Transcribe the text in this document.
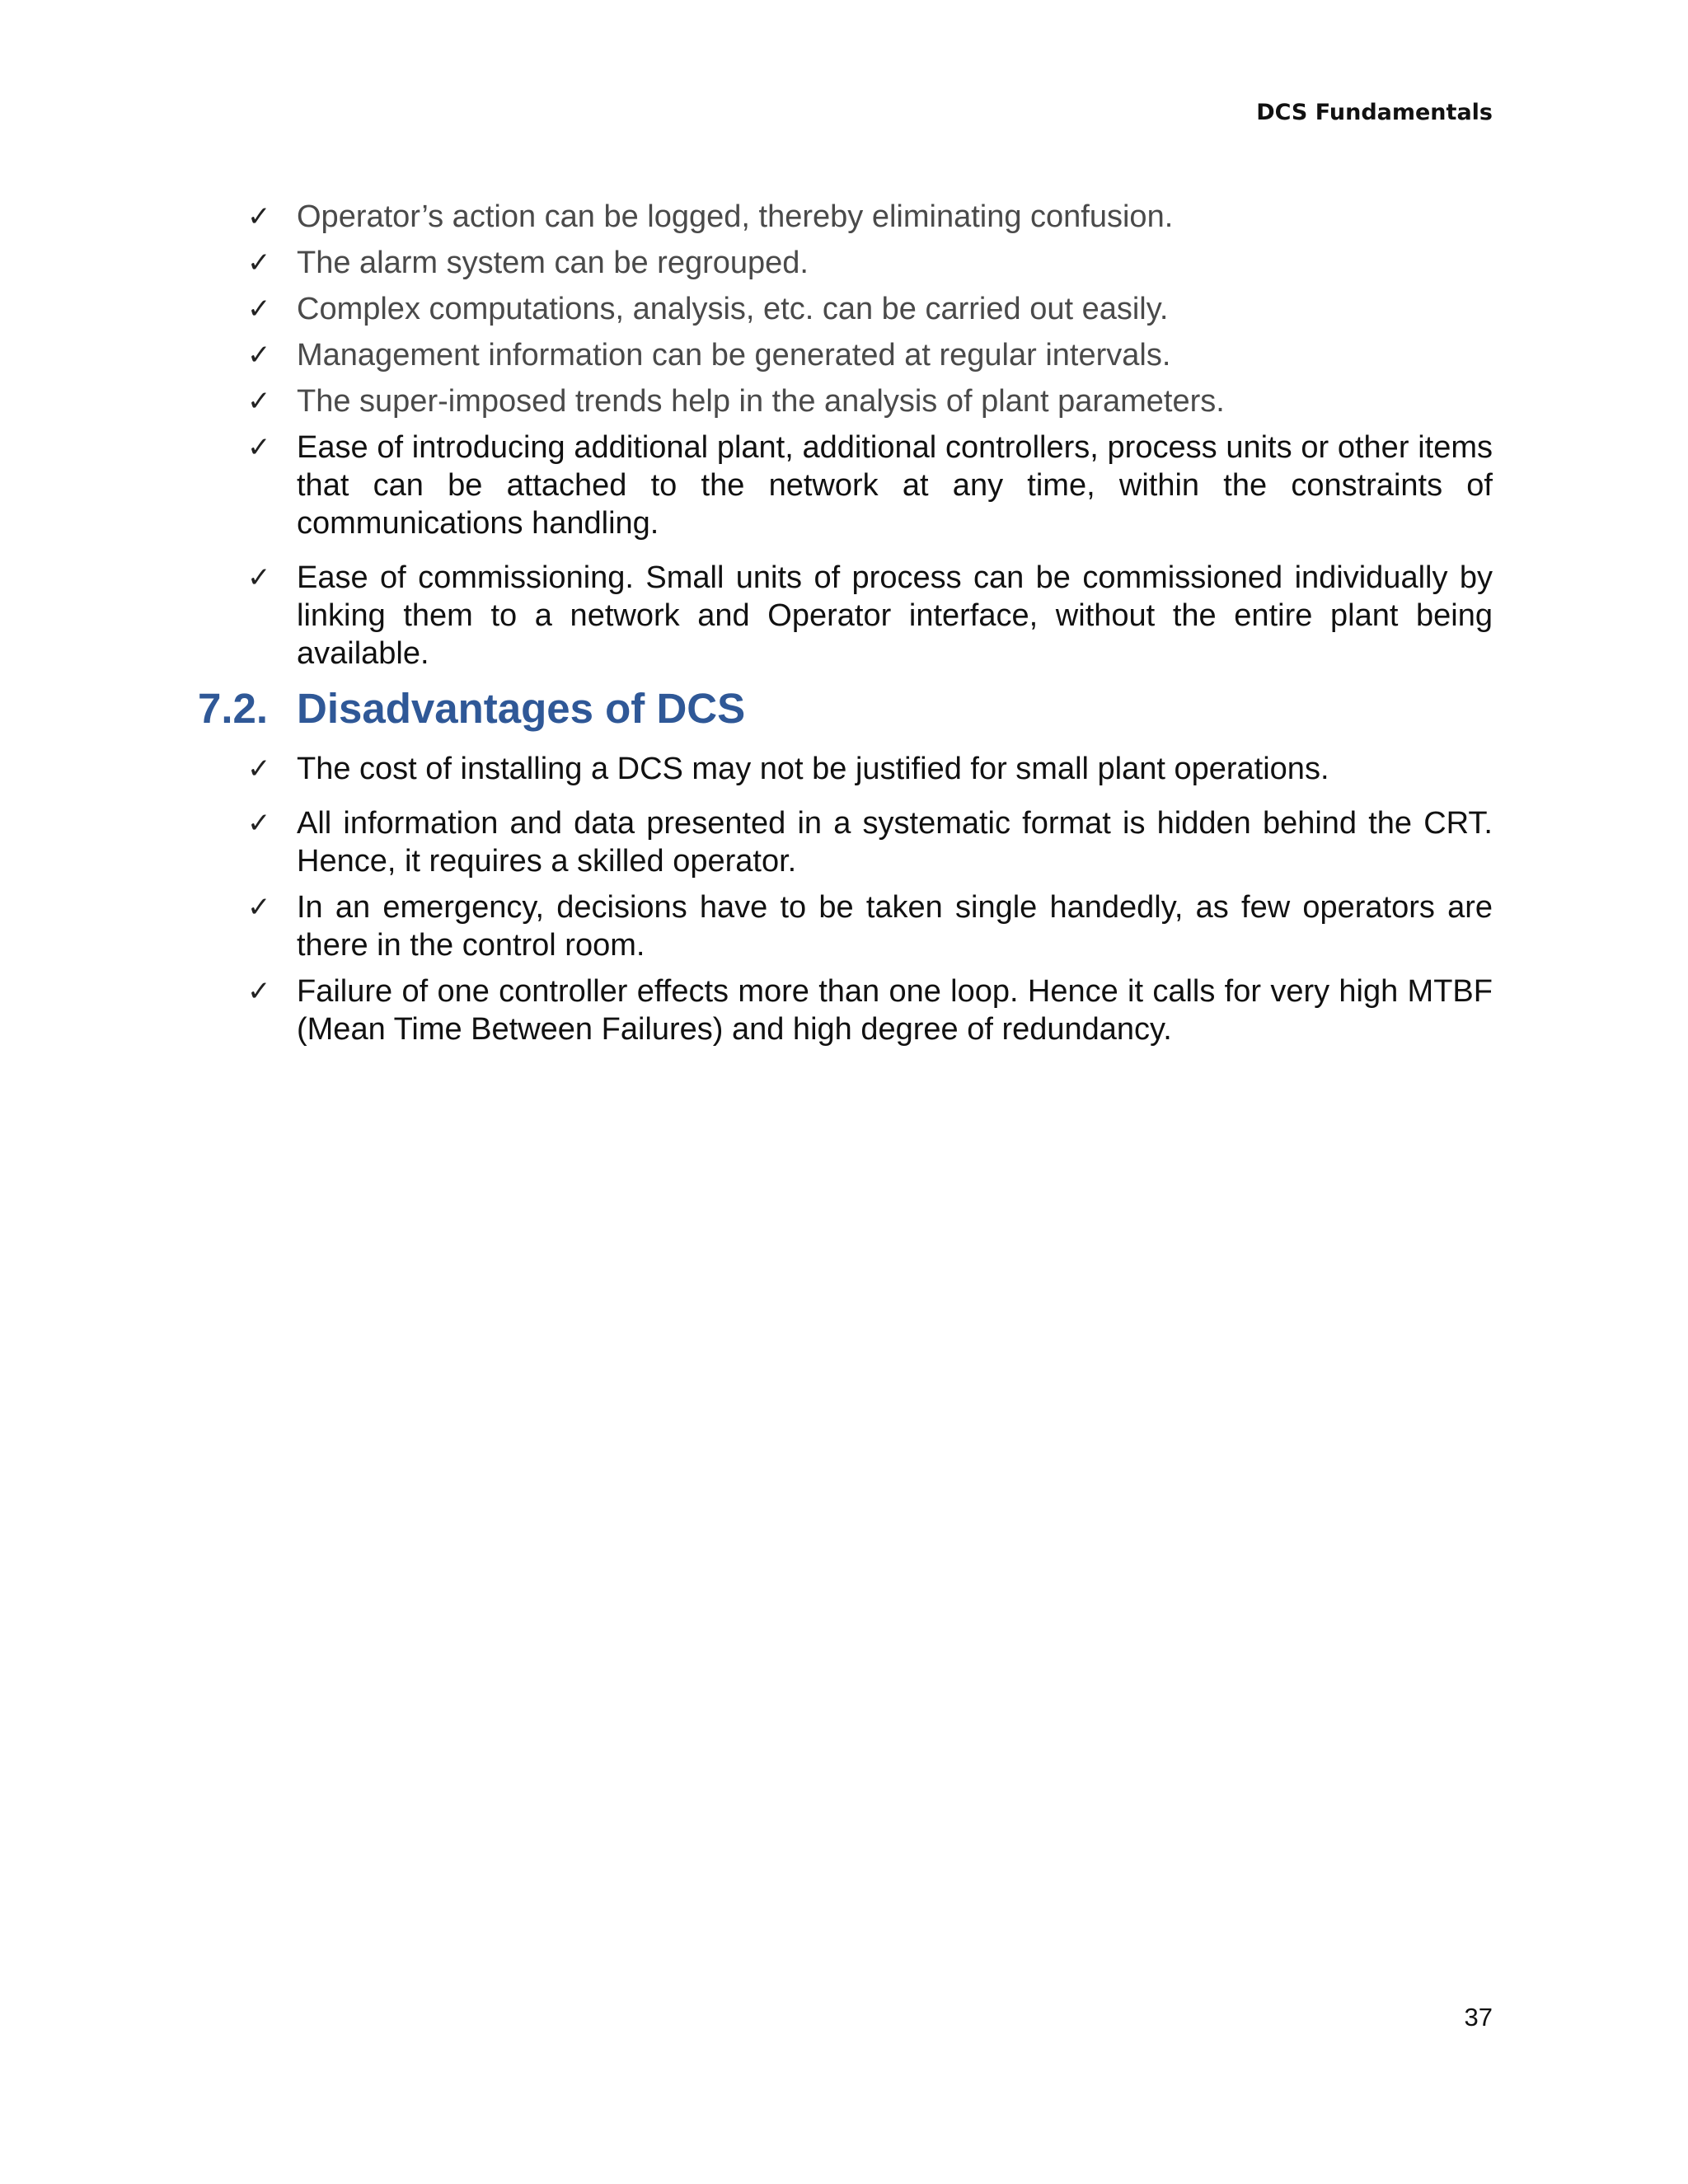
DCS Fundamentals
✓ Operator’s action can be logged, thereby eliminating confusion.
✓ The alarm system can be regrouped.
✓ Complex computations, analysis, etc. can be carried out easily.
✓ Management information can be generated at regular intervals.
✓ The super-imposed trends help in the analysis of plant parameters.
✓ Ease of introducing additional plant, additional controllers, process units or other items that can be attached to the network at any time, within the constraints of communications handling.
✓ Ease of commissioning. Small units of process can be commissioned individually by linking them to a network and Operator interface, without the entire plant being available.
7.2. Disadvantages of DCS
✓ The cost of installing a DCS may not be justified for small plant operations.
✓ All information and data presented in a systematic format is hidden behind the CRT. Hence, it requires a skilled operator.
✓ In an emergency, decisions have to be taken single handedly, as few operators are there in the control room.
✓ Failure of one controller effects more than one loop. Hence it calls for very high MTBF (Mean Time Between Failures) and high degree of redundancy.
37
